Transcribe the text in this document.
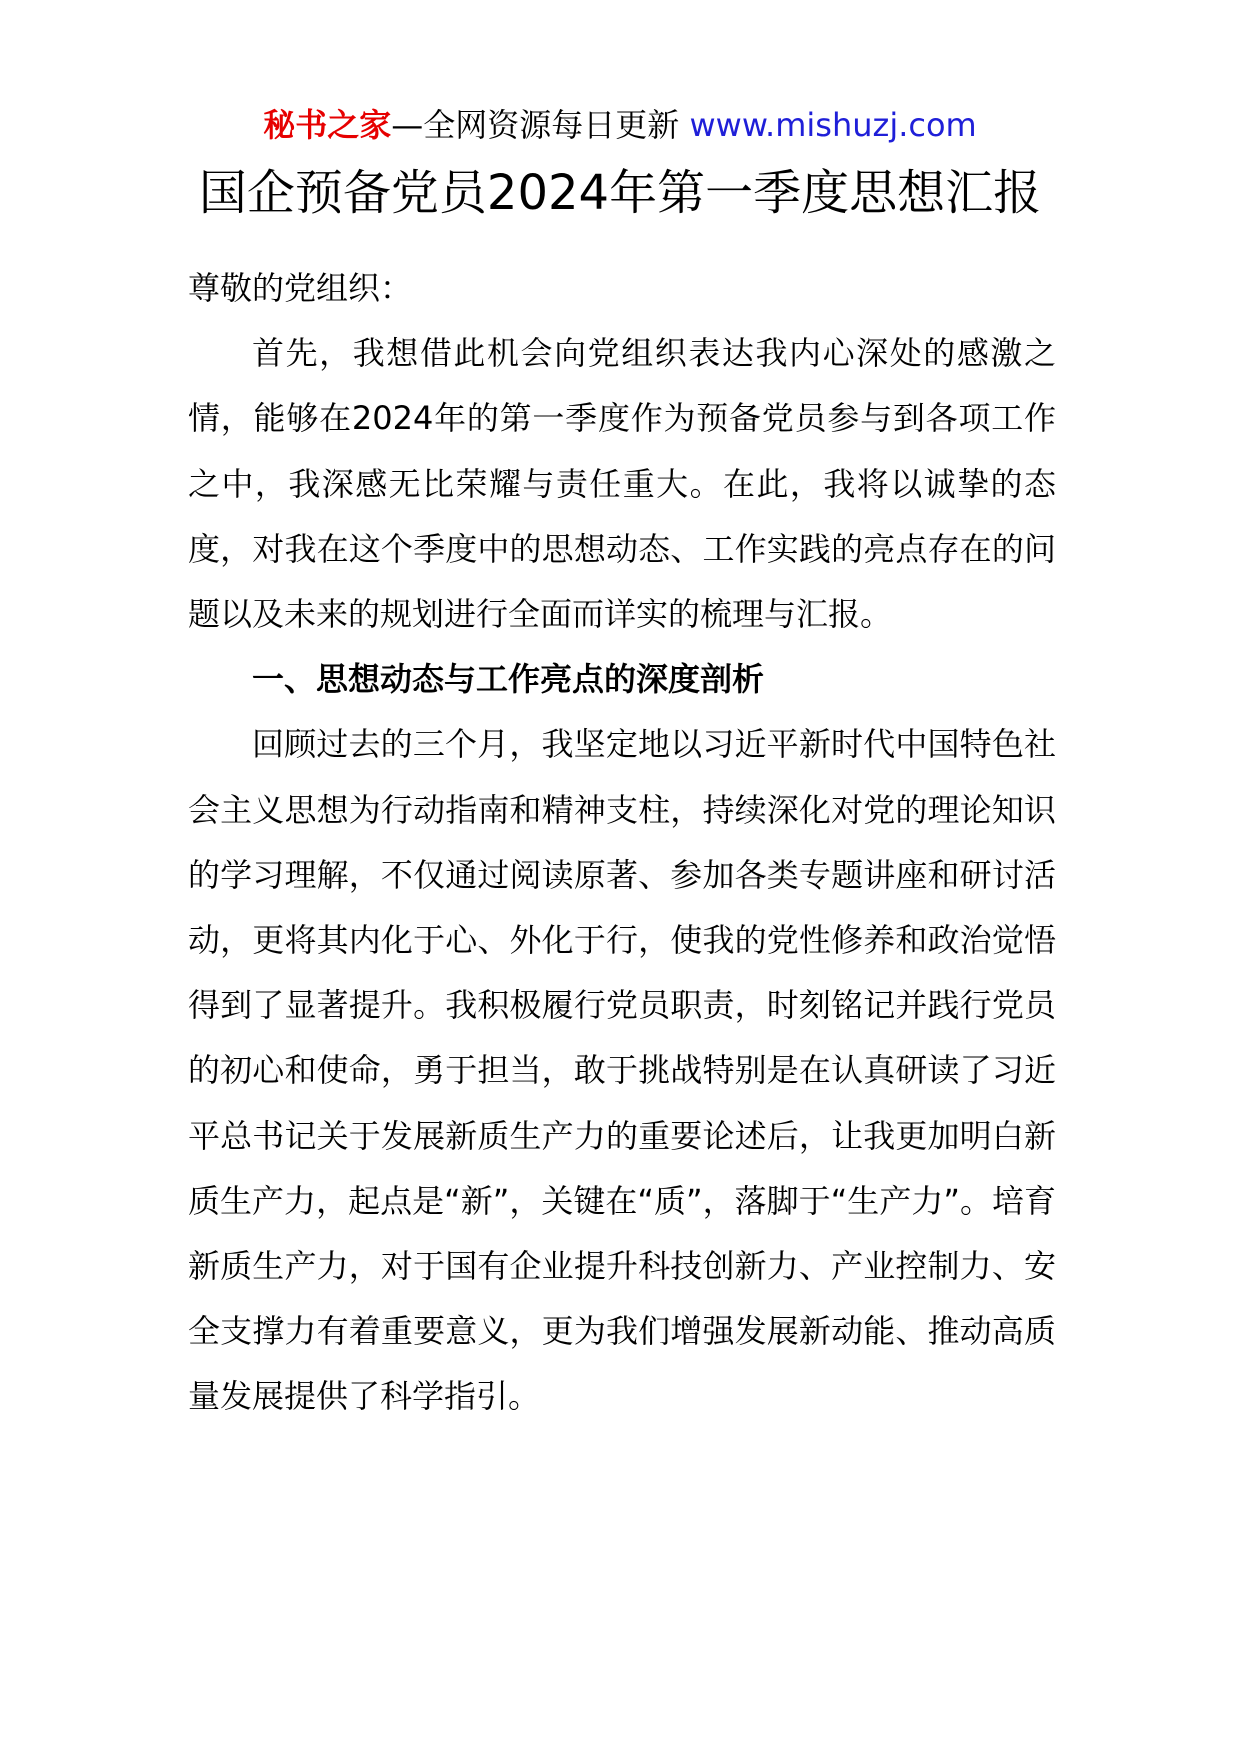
秘书之家—全网资源每日更新 www.mishuzj.com
国企预备党员2024年第一季度思想汇报

尊敬的党组织：

首先，我想借此机会向党组织表达我内心深处的感激之情，能够在2024年的第一季度作为预备党员参与到各项工作之中，我深感无比荣耀与责任重大。在此，我将以诚挚的态度，对我在这个季度中的思想动态、工作实践的亮点存在的问题以及未来的规划进行全面而详实的梳理与汇报。

一、思想动态与工作亮点的深度剖析

回顾过去的三个月，我坚定地以习近平新时代中国特色社会主义思想为行动指南和精神支柱，持续深化对党的理论知识的学习理解，不仅通过阅读原著、参加各类专题讲座和研讨活动，更将其内化于心、外化于行，使我的党性修养和政治觉悟得到了显著提升。我积极履行党员职责，时刻铭记并践行党员的初心和使命，勇于担当，敢于挑战特别是在认真研读了习近平总书记关于发展新质生产力的重要论述后，让我更加明白新质生产力，起点是“新”，关键在“质”，落脚于“生产力”。培育新质生产力，对于国有企业提升科技创新力、产业控制力、安全支撑力有着重要意义，更为我们增强发展新动能、推动高质量发展提供了科学指引。
